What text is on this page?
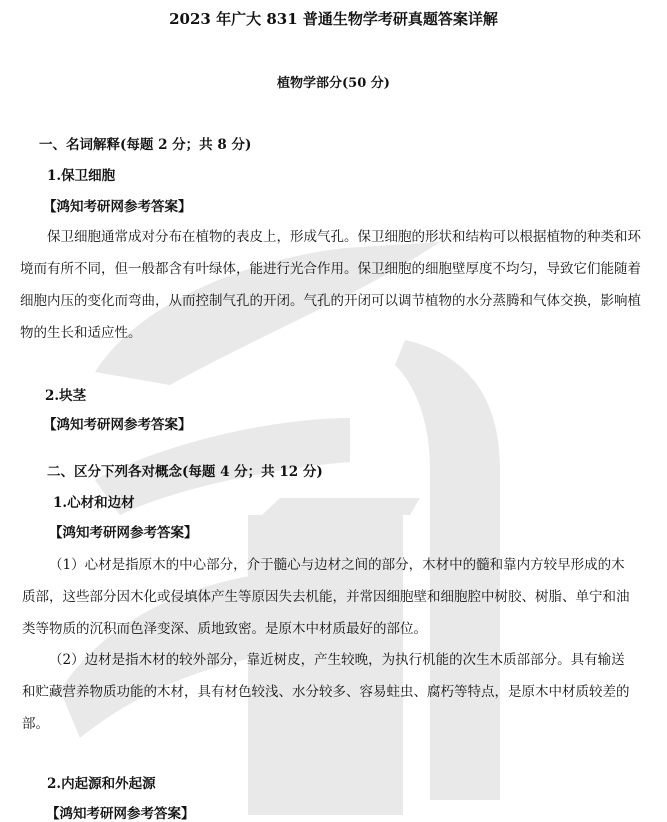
2023 年广大 831 普通生物学考研真题答案详解
植物学部分(50 分)
一、名词解释(每题 2 分；共 8 分)
1.保卫细胞
【鸿知考研网参考答案】

保卫细胞通常成对分布在植物的表皮上，形成气孔。保卫细胞的形状和结构可以根据植物的种类和环境而有所不同，但一般都含有叶绿体，能进行光合作用。保卫细胞的细胞壁厚度不均匀，导致它们能随着细胞内压的变化而弯曲，从而控制气孔的开闭。气孔的开闭可以调节植物的水分蒸腾和气体交换，影响植物的生长和适应性。

2.块茎
【鸿知考研网参考答案】
二、区分下列各对概念(每题 4 分；共 12 分)
1.心材和边材
【鸿知考研网参考答案】

（1）心材是指原木的中心部分，介于髓心与边材之间的部分，木材中的髓和靠内方较早形成的木质部，这些部分因木化或侵填体产生等原因失去机能，并常因细胞壁和细胞腔中树胶、树脂、单宁和油类等物质的沉积而色泽变深、质地致密。是原木中材质最好的部位。

（2）边材是指木材的较外部分，靠近树皮，产生较晚，为执行机能的次生木质部部分。具有输送和贮藏营养物质功能的木材，具有材色较浅、水分较多、容易蛀虫、腐朽等特点，是原木中材质较差的部。

2.内起源和外起源
【鸿知考研网参考答案】
